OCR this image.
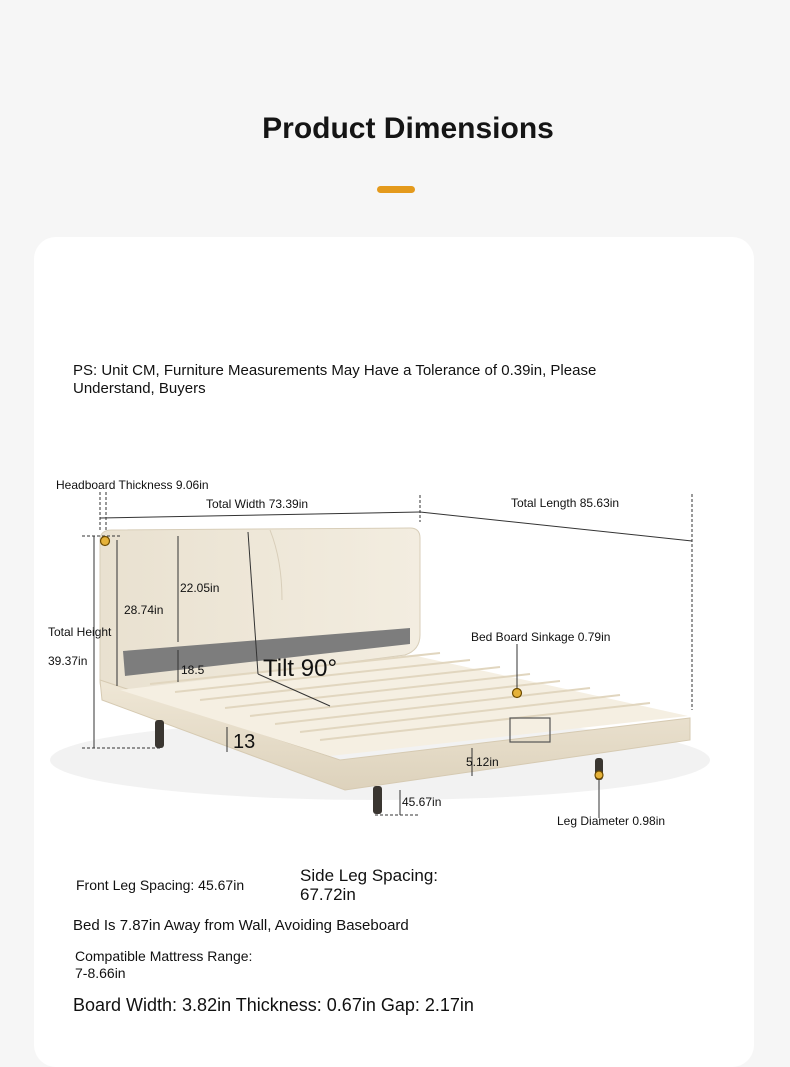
Product Dimensions
PS: Unit CM, Furniture Measurements May Have a Tolerance of 0.39in, Please Understand, Buyers
Headboard Thickness 9.06in
Total Width 73.39in	Total Length 85.63in
22.05in
28.74in
Total Height
39.37in
18.5 Tilt 90°
Bed Board Sinkage 0.79in
13
5.12in
45.67in
Leg Diameter 0.98in
Front Leg Spacing: 45.67in	Side Leg Spacing:
67.72in
Bed Is 7.87in Away from Wall, Avoiding Baseboard
Compatible Mattress Range:
7-8.66in
Board Width: 3.82in Thickness: 0.67in Gap: 2.17in
